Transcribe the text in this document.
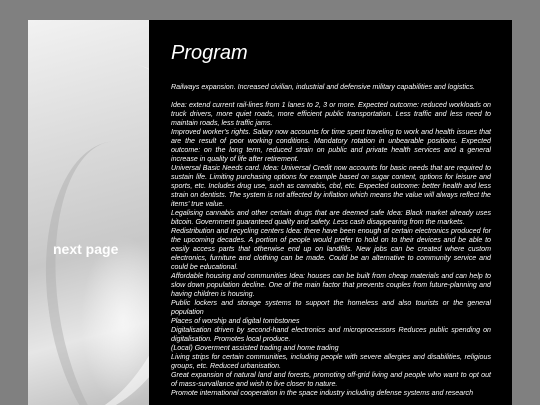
next page
Program

Railways expansion. Increased civilian, industrial and defensive military capabilities and logistics.

Idea: extend current rail-lines from 1 lanes to 2, 3 or more. Expected outcome: reduced workloads on truck drivers, more quiet roads, more efficient public transportation. Less traffic and less need to maintain roads, less traffic jams.

Improved worker's rights. Salary now accounts for time spent traveling to work and health issues that are the result of poor working conditions. Mandatory rotation in unbearable positions. Expected outcome: on the long term, reduced strain on public and private health services and a general increase in quality of life after retirement.

Universal Basic Needs card. Idea: Universal Credit now accounts for basic needs that are required to sustain life. Limiting purchasing options for example based on sugar content, options for leisure and sports, etc. Includes drug use, such as cannabis, cbd, etc. Expected outcome: better health and less strain on dentists. The system is not affected by inflation which means the value will always reflect the items' true value.

Legalising cannabis and other certain drugs that are deemed safe Idea: Black market already uses bitcoin. Government guaranteed quality and safety. Less cash disappearing from the markets.

Redistribution and recycling centers Idea: there have been enough of certain electronics produced for the upcoming decades. A portion of people would prefer to hold on to their devices and be able to easily access parts that otherwise end up on landfills. New jobs can be created where custom electronics, furniture and clothing can be made. Could be an alternative to community service and could be educational.

Affordable housing and communities Idea: houses can be built from cheap materials and can help to slow down population decline. One of the main factor that prevents couples from future-planning and having children is housing.

Public lockers and storage systems to support the homeless and also tourists or the general population

Places of worship and digital tombstones

Digitalisation driven by second-hand electronics and microprocessors Reduces public spending on digitalisation. Promotes local produce.

(Local) Goverment assisted trading and home trading

Living strips for certain communities, including people with severe allergies and disabilities, religious groups, etc. Reduced urbanisation.

Great expansion of natural land and forests, promoting off-grid living and people who want to opt out of mass-survallance and wish to live closer to nature.

Promote international cooperation in the space industry including defense systems and research
